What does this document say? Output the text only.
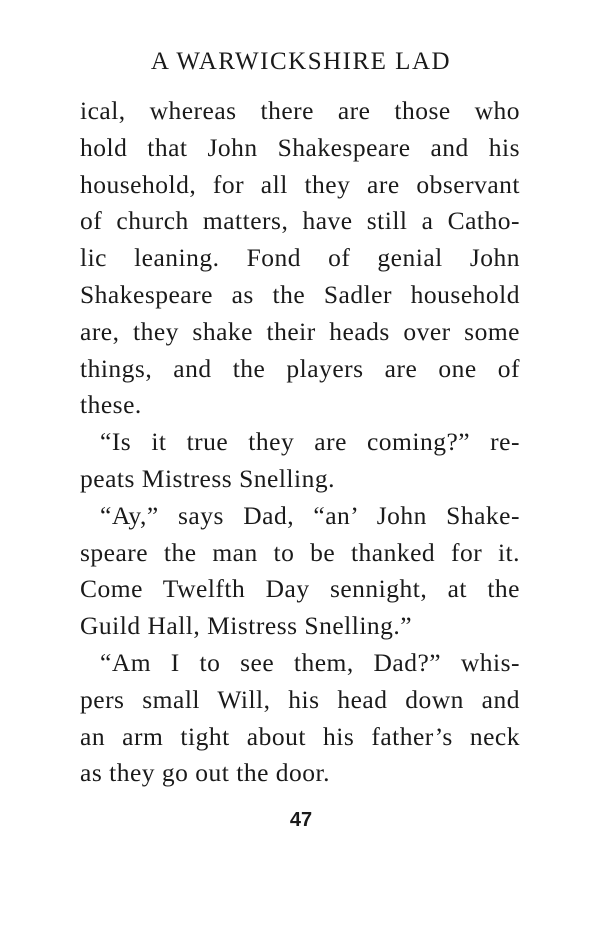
A WARWICKSHIRE LAD

ical, whereas there are those who
hold that John Shakespeare and his
household, for all they are observant
of church matters, have still a Catho-
lic leaning. Fond of genial John
Shakespeare as the Sadler household
are, they shake their heads over some
things, and the players are one of
these.

“Is it true they are coming?” re-
peats Mistress Snelling.

“Ay,” says Dad, “an’ John Shake-
speare the man to be thanked for it.
Come Twelfth Day sennight, at the
Guild Hall, Mistress Snelling.”

“Am I to see them, Dad?” whis-
pers small Will, his head down and
an arm tight about his father’s neck
as they go out the door.

47
